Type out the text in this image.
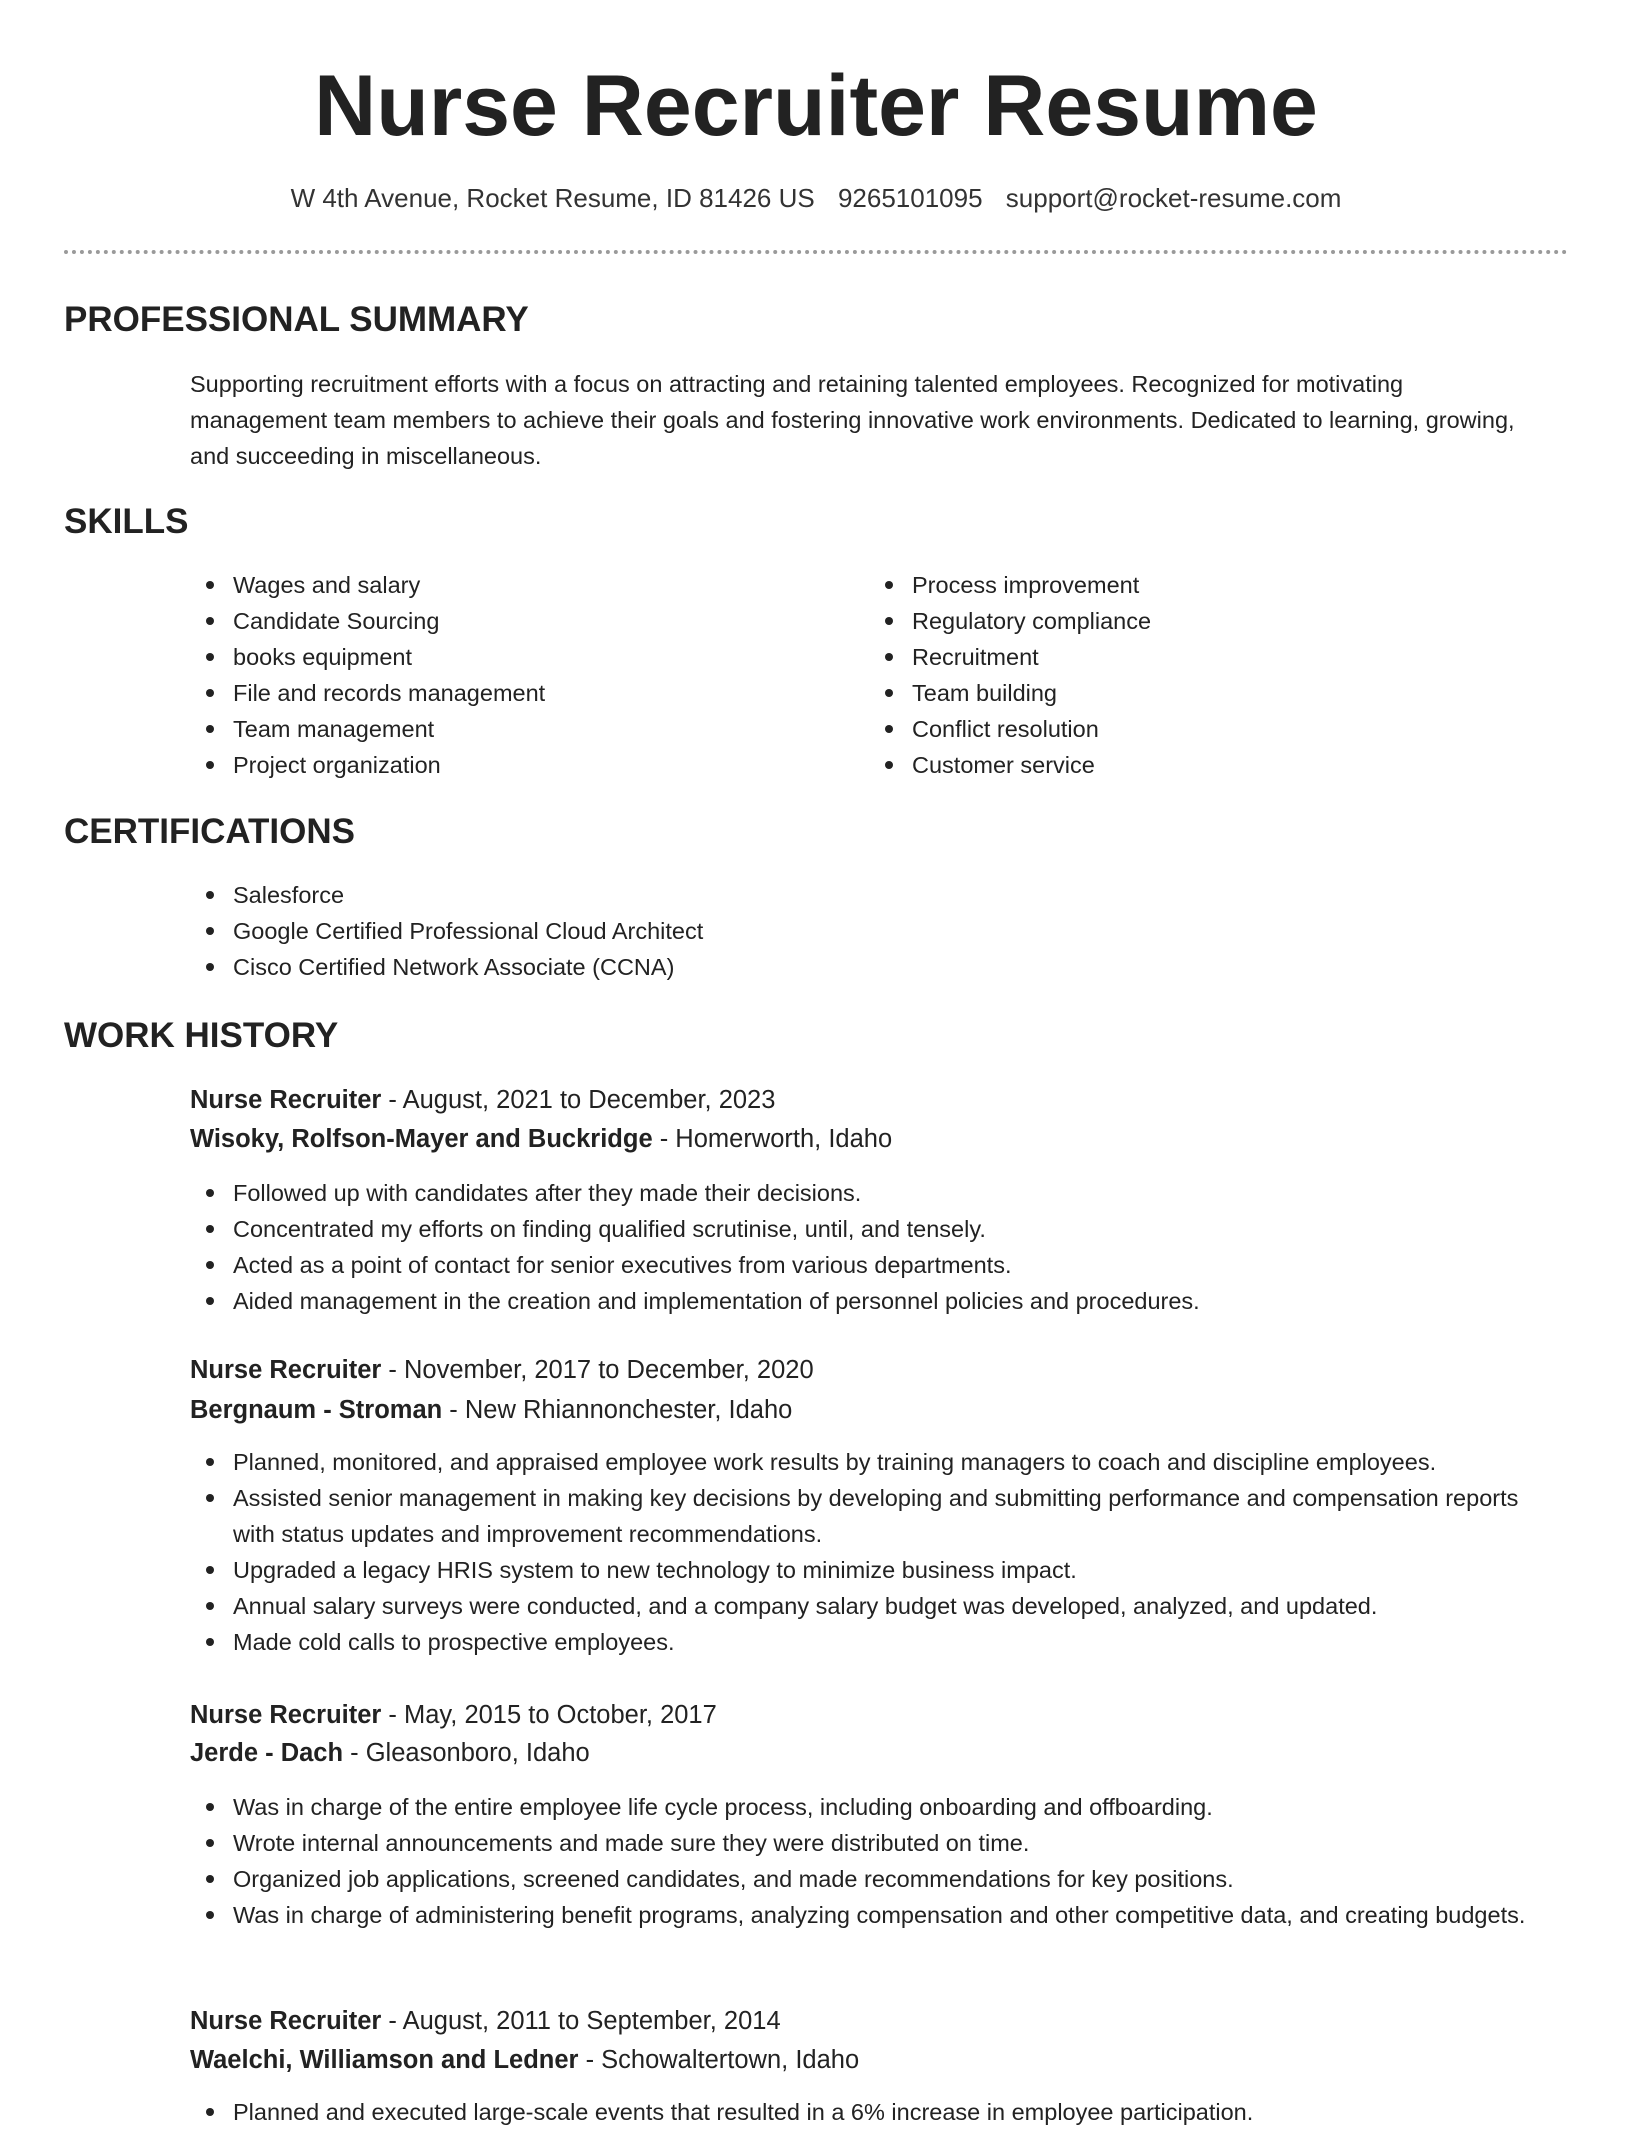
Nurse Recruiter Resume
W 4th Avenue, Rocket Resume, ID 81426 US 9265101095 support@rocket-resume.com
PROFESSIONAL SUMMARY
Supporting recruitment efforts with a focus on attracting and retaining talented employees. Recognized for motivating management team members to achieve their goals and fostering innovative work environments. Dedicated to learning, growing, and succeeding in miscellaneous.
SKILLS
Wages and salary
Candidate Sourcing
books equipment
File and records management
Team management
Project organization
Process improvement
Regulatory compliance
Recruitment
Team building
Conflict resolution
Customer service
CERTIFICATIONS
Salesforce
Google Certified Professional Cloud Architect
Cisco Certified Network Associate (CCNA)
WORK HISTORY
Nurse Recruiter - August, 2021 to December, 2023
Wisoky, Rolfson-Mayer and Buckridge - Homerworth, Idaho
Followed up with candidates after they made their decisions.
Concentrated my efforts on finding qualified scrutinise, until, and tensely.
Acted as a point of contact for senior executives from various departments.
Aided management in the creation and implementation of personnel policies and procedures.
Nurse Recruiter - November, 2017 to December, 2020
Bergnaum - Stroman - New Rhiannonchester, Idaho
Planned, monitored, and appraised employee work results by training managers to coach and discipline employees.
Assisted senior management in making key decisions by developing and submitting performance and compensation reports with status updates and improvement recommendations.
Upgraded a legacy HRIS system to new technology to minimize business impact.
Annual salary surveys were conducted, and a company salary budget was developed, analyzed, and updated.
Made cold calls to prospective employees.
Nurse Recruiter - May, 2015 to October, 2017
Jerde - Dach - Gleasonboro, Idaho
Was in charge of the entire employee life cycle process, including onboarding and offboarding.
Wrote internal announcements and made sure they were distributed on time.
Organized job applications, screened candidates, and made recommendations for key positions.
Was in charge of administering benefit programs, analyzing compensation and other competitive data, and creating budgets.
Nurse Recruiter - August, 2011 to September, 2014
Waelchi, Williamson and Ledner - Schowaltertown, Idaho
Planned and executed large-scale events that resulted in a 6% increase in employee participation.
